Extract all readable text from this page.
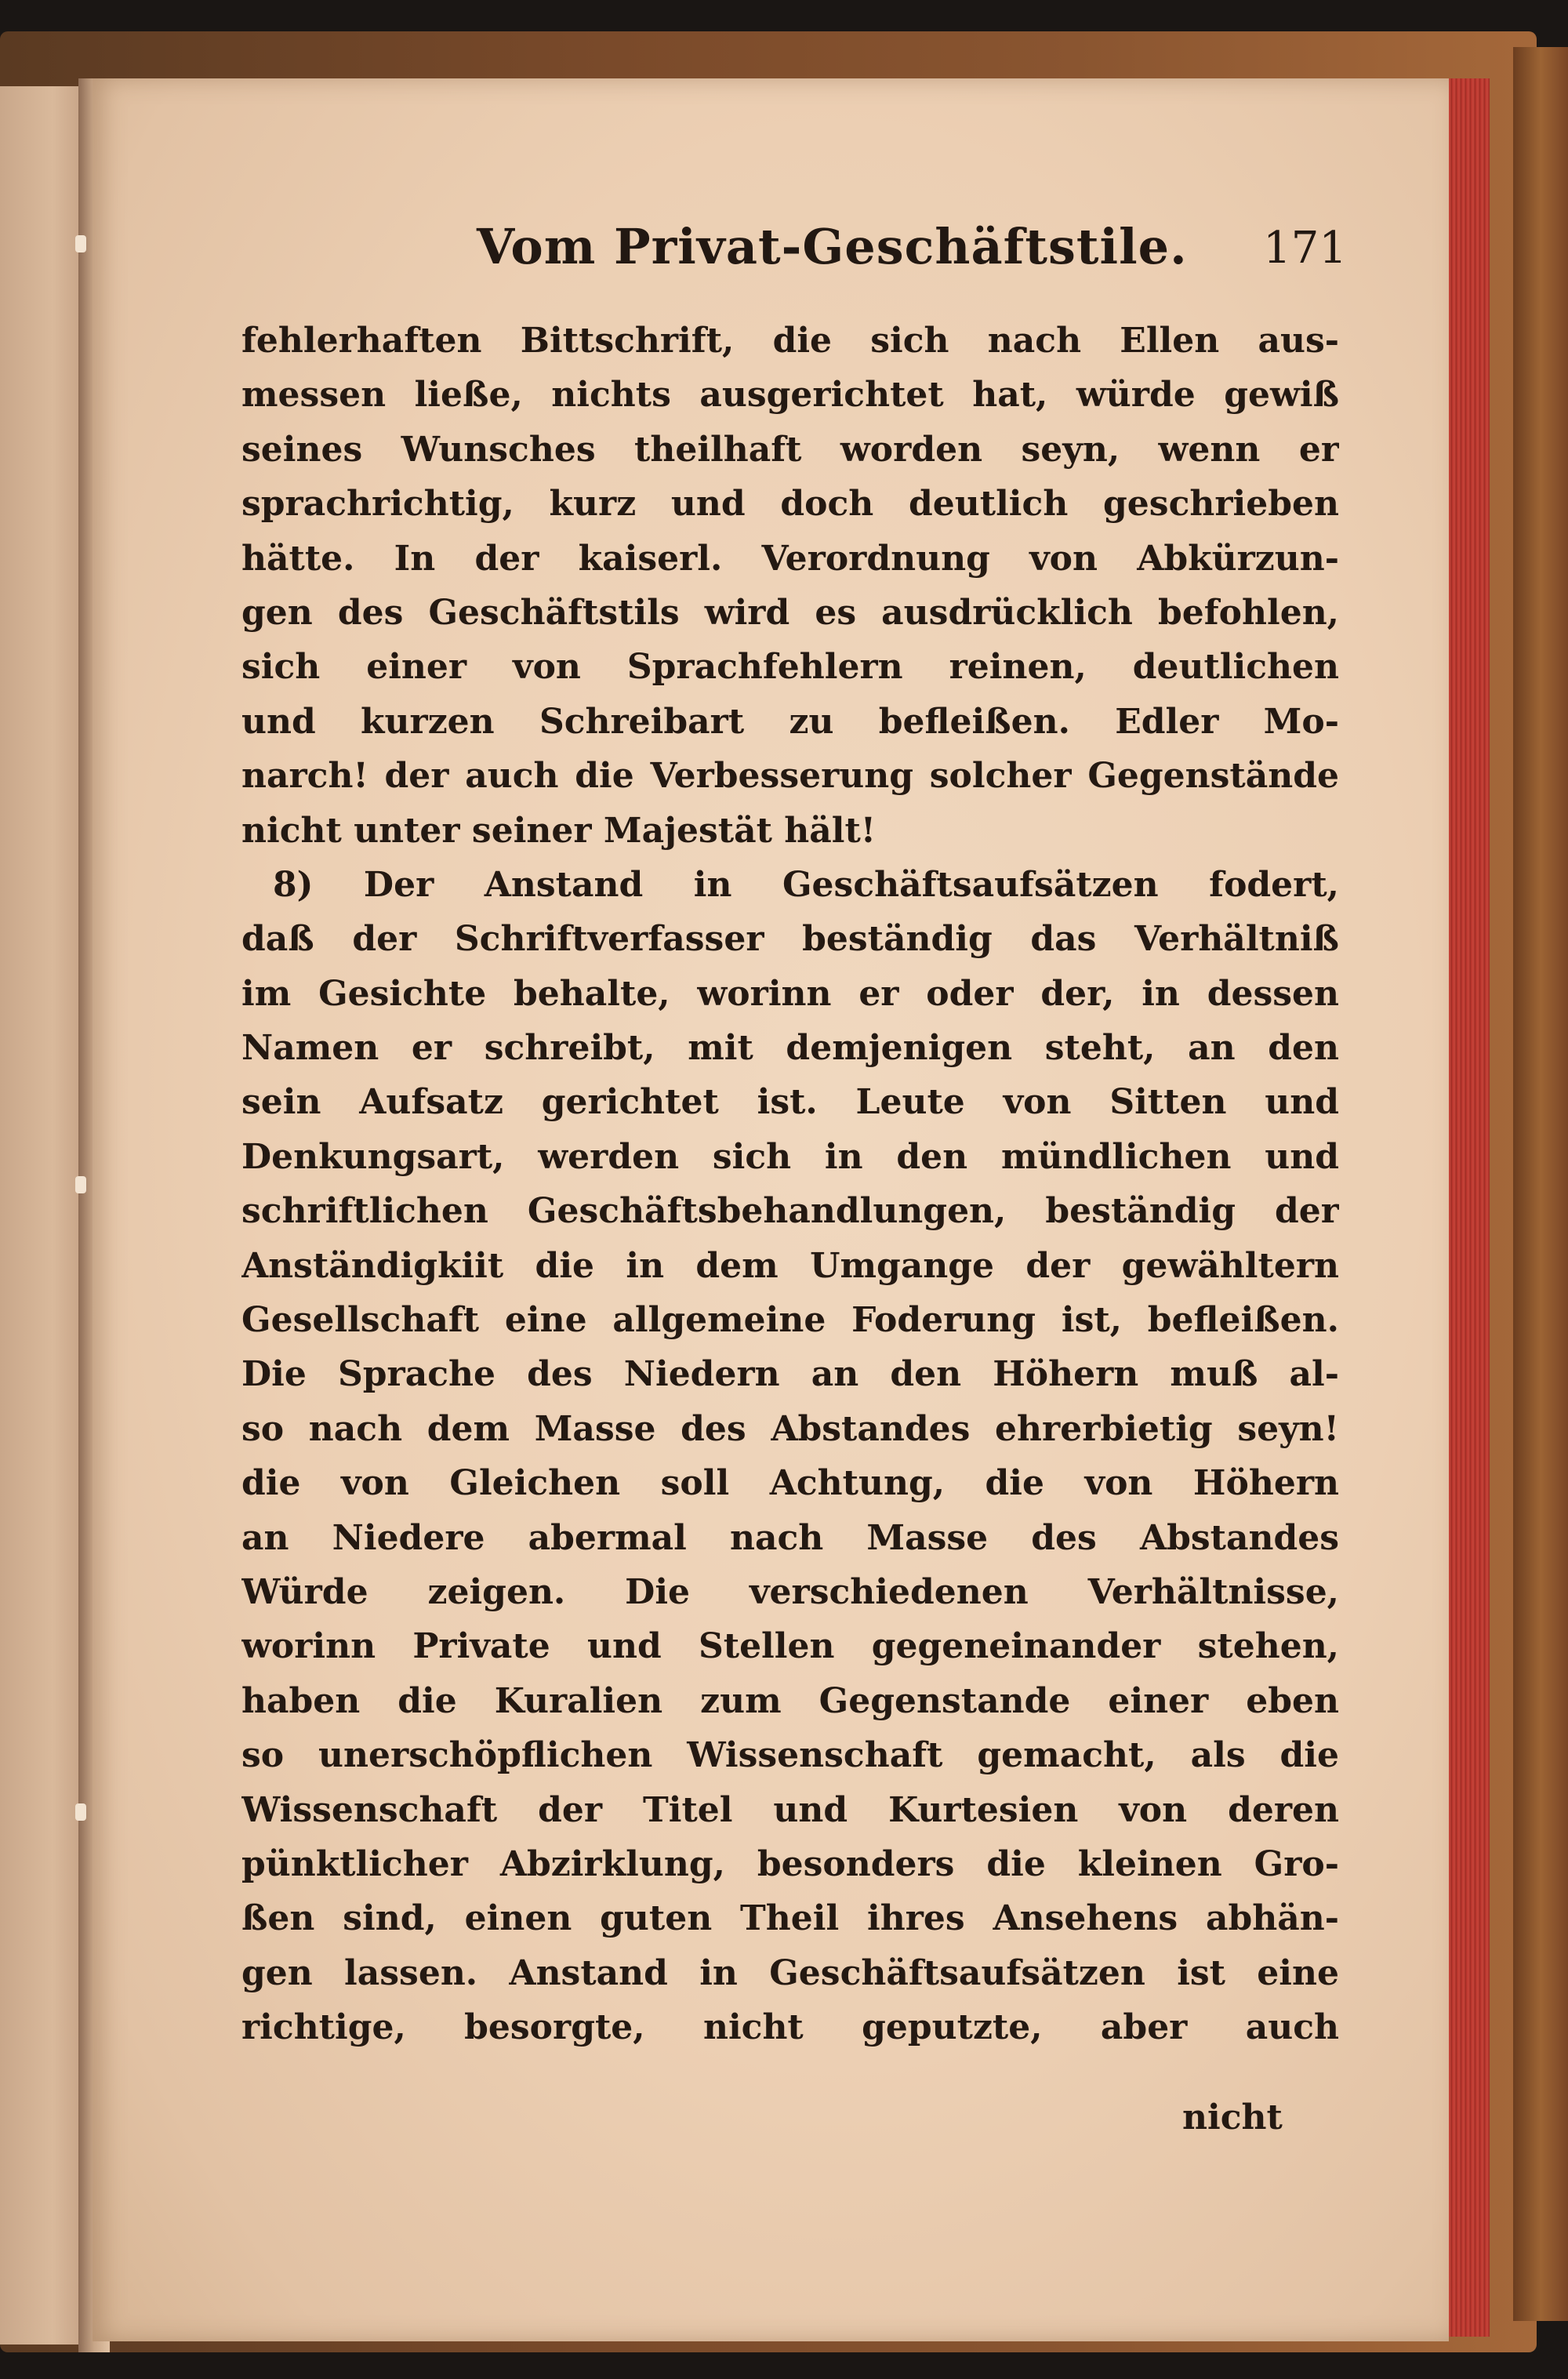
Vom Privat-Geschäftstile. 171
fehlerhaften Bittschrift, die sich nach Ellen aus-
messen ließe, nichts ausgerichtet hat, würde gewiß
seines Wunsches theilhaft worden seyn, wenn er
sprachrichtig, kurz und doch deutlich geschrieben
hätte. In der kaiserl. Verordnung von Abkürzun-
gen des Geschäftstils wird es ausdrücklich befohlen,
sich einer von Sprachfehlern reinen, deutlichen
und kurzen Schreibart zu befleißen. Edler Mo-
narch! der auch die Verbesserung solcher Gegenstände
nicht unter seiner Majestät hält!
8) Der Anstand in Geschäftsaufsätzen fodert,
daß der Schriftverfasser beständig das Verhältniß
im Gesichte behalte, worinn er oder der, in dessen
Namen er schreibt, mit demjenigen steht, an den
sein Aufsatz gerichtet ist. Leute von Sitten und
Denkungsart, werden sich in den mündlichen und
schriftlichen Geschäftsbehandlungen, beständig der
Anständigkiit die in dem Umgange der gewähltern
Gesellschaft eine allgemeine Foderung ist, befleißen.
Die Sprache des Niedern an den Höhern muß al-
so nach dem Masse des Abstandes ehrerbietig seyn!
die von Gleichen soll Achtung, die von Höhern
an Niedere abermal nach Masse des Abstandes
Würde zeigen. Die verschiedenen Verhältnisse,
worinn Private und Stellen gegeneinander stehen,
haben die Kuralien zum Gegenstande einer eben
so unerschöpflichen Wissenschaft gemacht, als die
Wissenschaft der Titel und Kurtesien von deren
pünktlicher Abzirklung, besonders die kleinen Gro-
ßen sind, einen guten Theil ihres Ansehens abhän-
gen lassen. Anstand in Geschäftsaufsätzen ist eine
richtige, besorgte, nicht geputzte, aber auch
nicht
